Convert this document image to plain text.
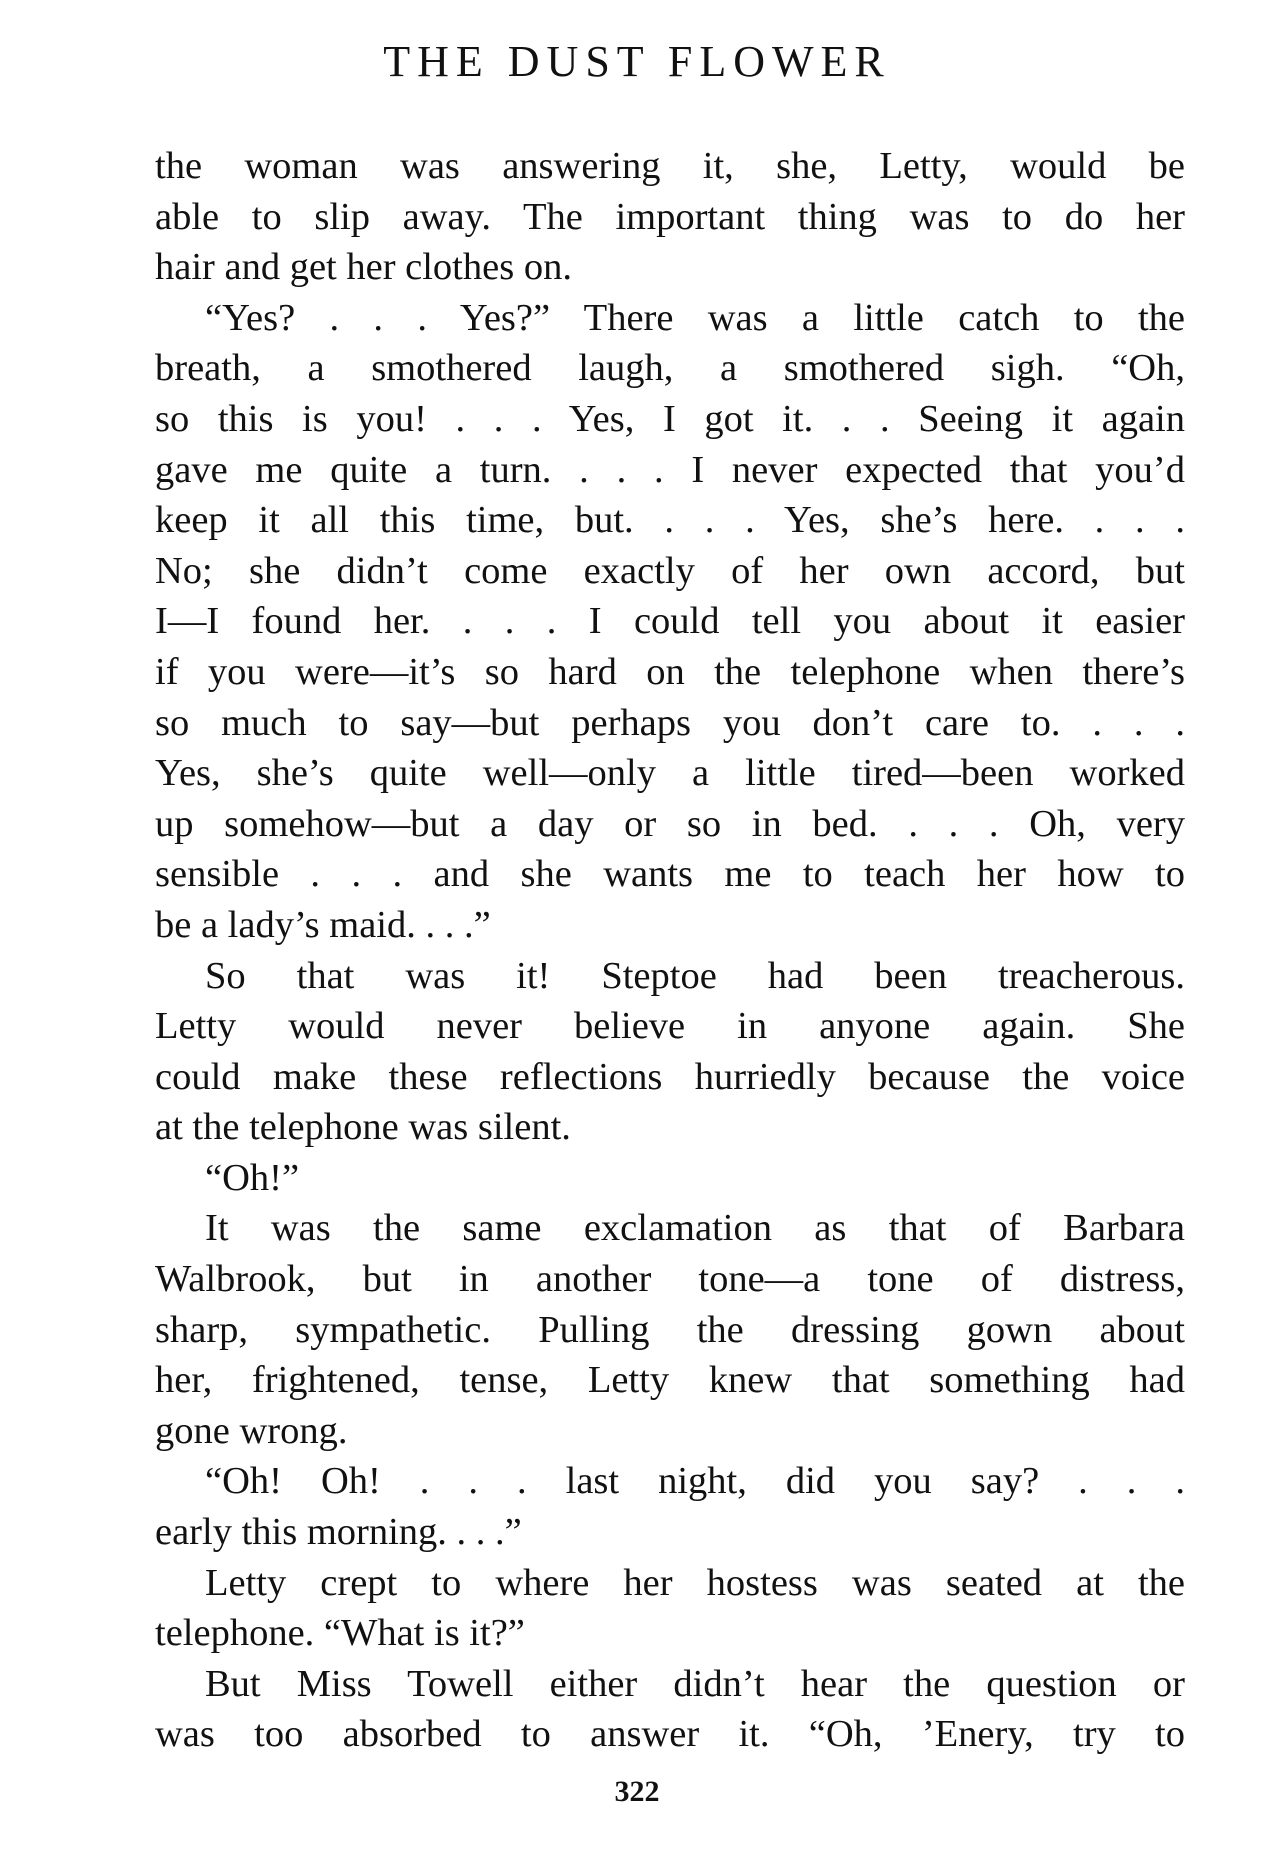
THE DUST FLOWER
the woman was answering it, she, Letty, would be
able to slip away. The important thing was to do her
hair and get her clothes on.
“Yes? . . . Yes?” There was a little catch to the
breath, a smothered laugh, a smothered sigh. “Oh,
so this is you! . . . Yes, I got it. . . Seeing it again
gave me quite a turn. . . . I never expected that you’d
keep it all this time, but. . . . Yes, she’s here. . . .
No; she didn’t come exactly of her own accord, but
I—I found her. . . . I could tell you about it easier
if you were—it’s so hard on the telephone when there’s
so much to say—but perhaps you don’t care to. . . .
Yes, she’s quite well—only a little tired—been worked
up somehow—but a day or so in bed. . . . Oh, very
sensible . . . and she wants me to teach her how to
be a lady’s maid. . . .”
So that was it! Steptoe had been treacherous.
Letty would never believe in anyone again. She
could make these reflections hurriedly because the voice
at the telephone was silent.
“Oh!”
It was the same exclamation as that of Barbara
Walbrook, but in another tone—a tone of distress,
sharp, sympathetic. Pulling the dressing gown about
her, frightened, tense, Letty knew that something had
gone wrong.
“Oh! Oh! . . . last night, did you say? . . .
early this morning. . . .”
Letty crept to where her hostess was seated at the
telephone. “What is it?”
But Miss Towell either didn’t hear the question or
was too absorbed to answer it. “Oh, ’Enery, try to
322
